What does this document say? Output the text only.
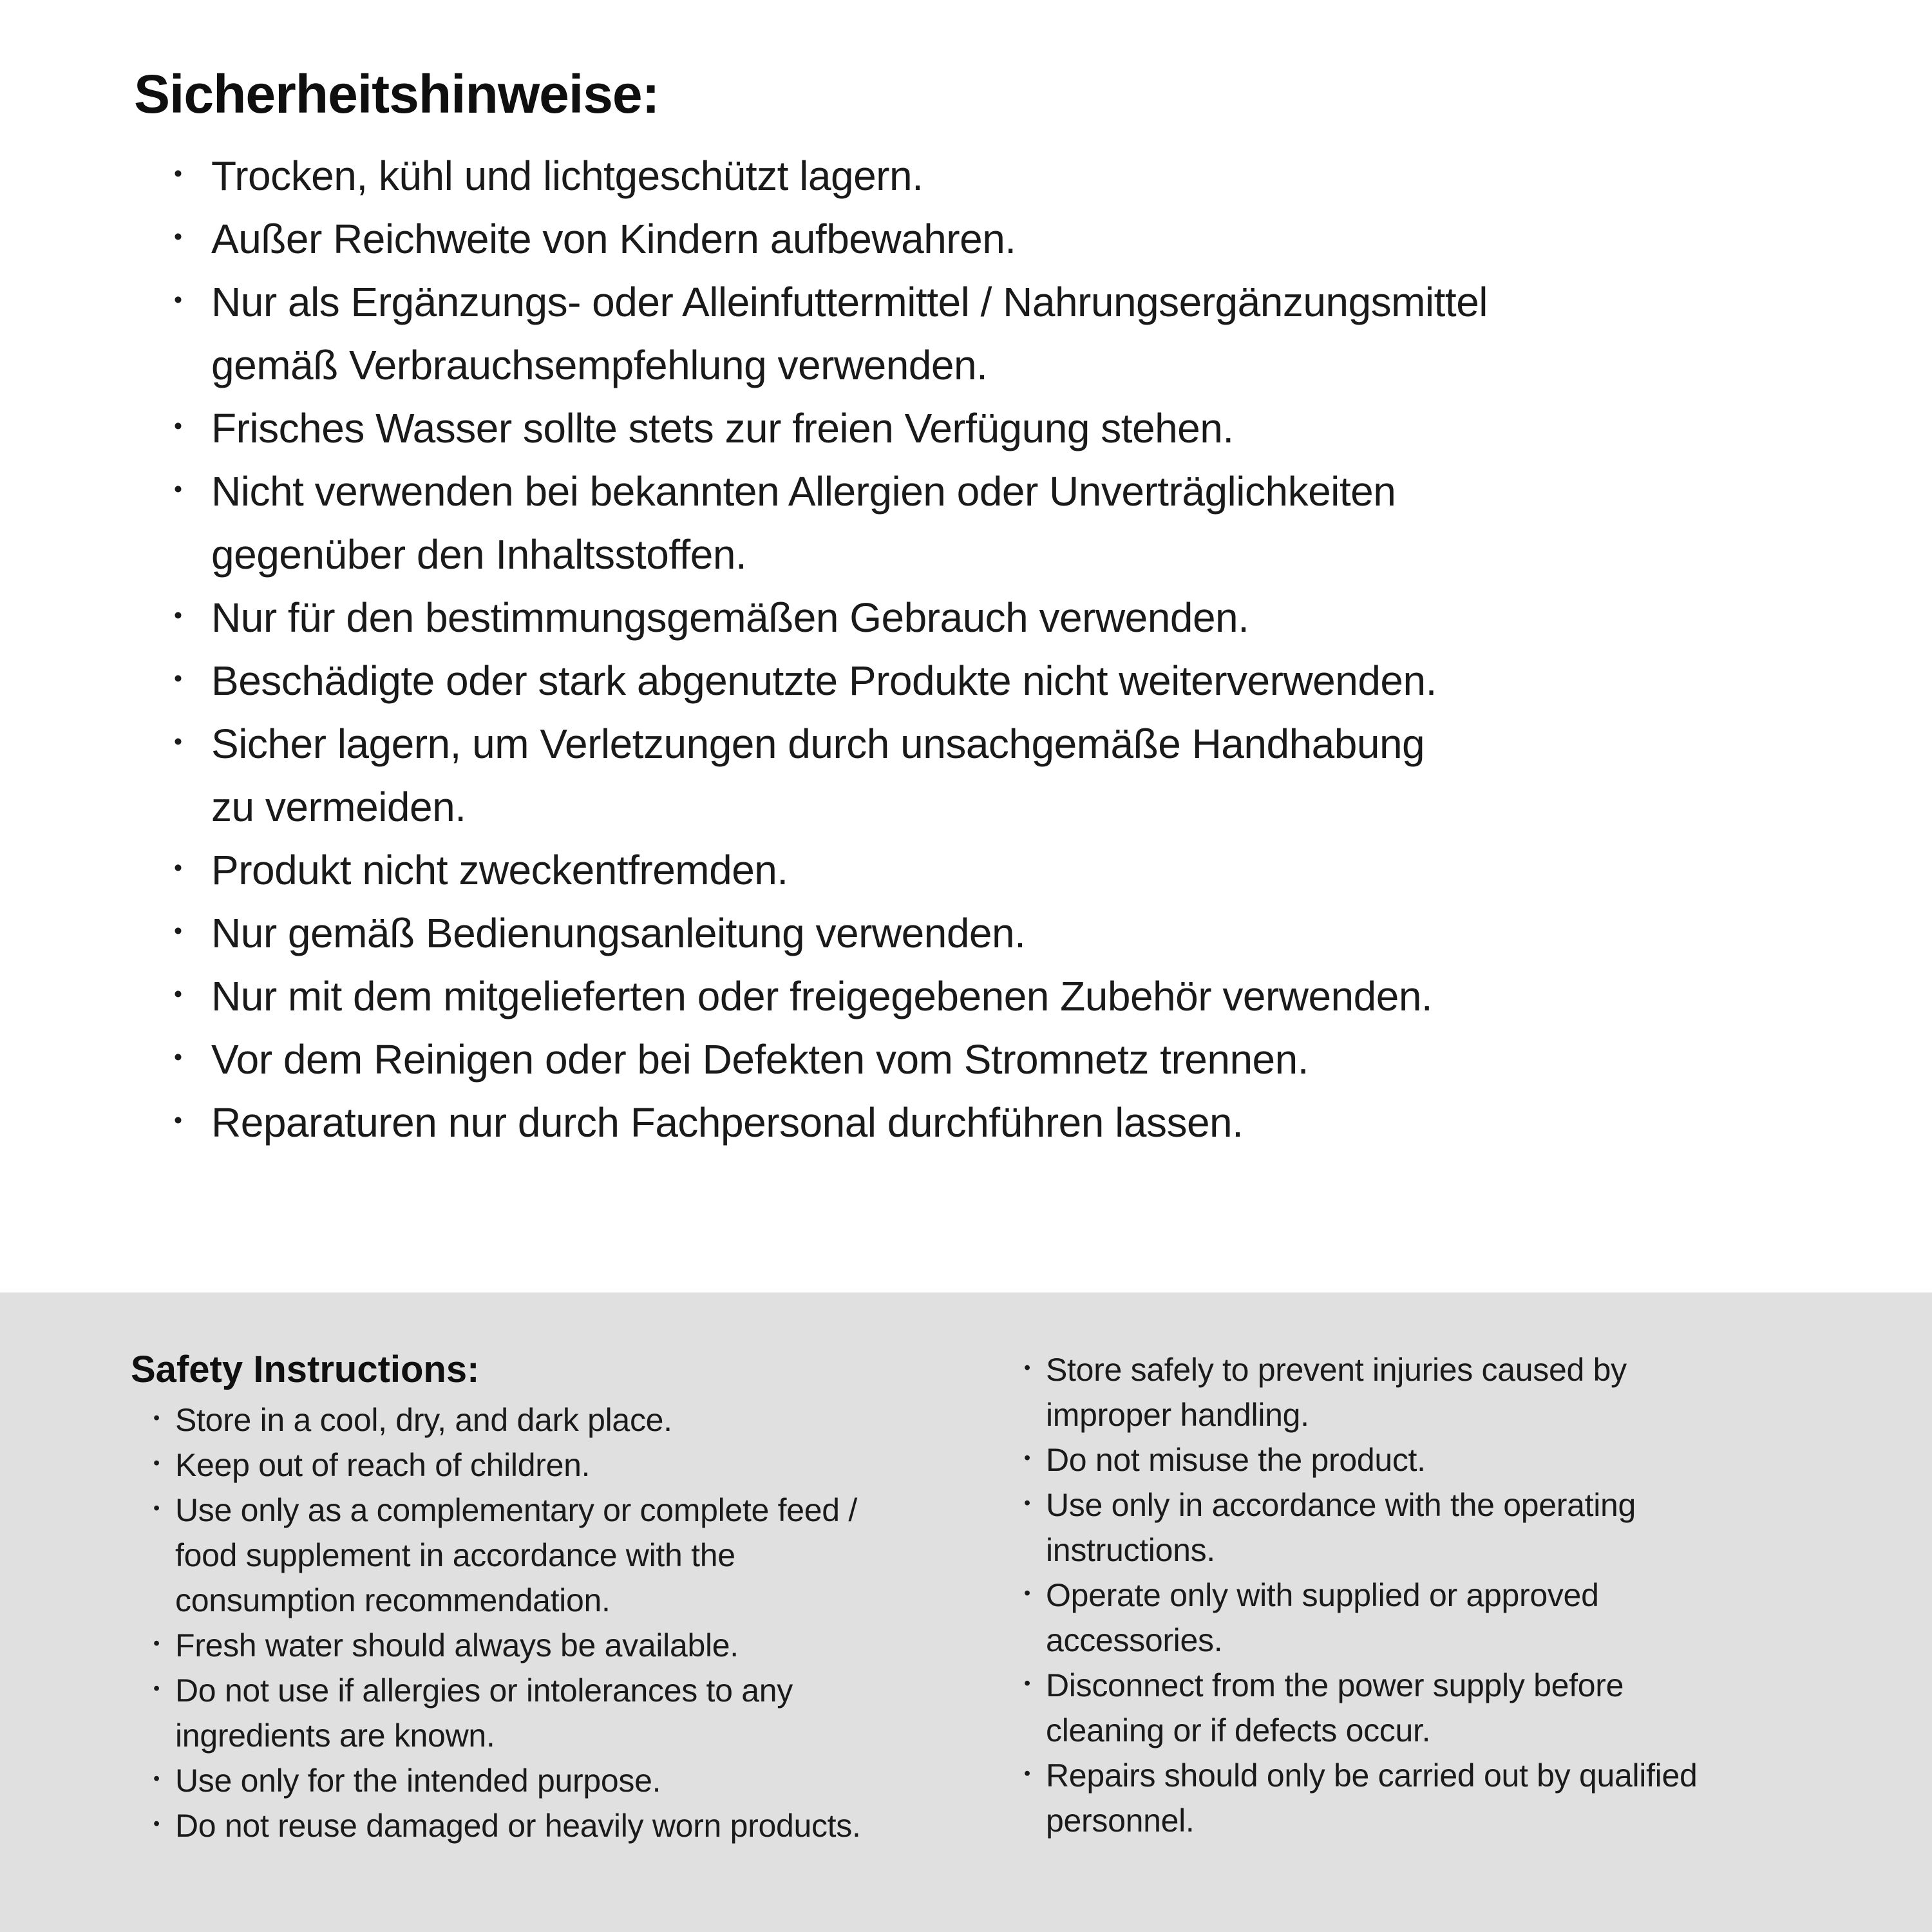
Sicherheitshinweise:
• Trocken, kühl und lichtgeschützt lagern.
• Außer Reichweite von Kindern aufbewahren.
• Nur als Ergänzungs- oder Alleinfuttermittel / Nahrungsergänzungsmittel
gemäß Verbrauchsempfehlung verwenden.
• Frisches Wasser sollte stets zur freien Verfügung stehen.
• Nicht verwenden bei bekannten Allergien oder Unverträglichkeiten
gegenüber den Inhaltsstoffen.
• Nur für den bestimmungsgemäßen Gebrauch verwenden.
• Beschädigte oder stark abgenutzte Produkte nicht weiterverwenden.
• Sicher lagern, um Verletzungen durch unsachgemäße Handhabung
zu vermeiden.
• Produkt nicht zweckentfremden.
• Nur gemäß Bedienungsanleitung verwenden.
• Nur mit dem mitgelieferten oder freigegebenen Zubehör verwenden.
• Vor dem Reinigen oder bei Defekten vom Stromnetz trennen.
• Reparaturen nur durch Fachpersonal durchführen lassen.
Safety Instructions:
• Store in a cool, dry, and dark place.
• Keep out of reach of children.
• Use only as a complementary or complete feed /
food supplement in accordance with the
consumption recommendation.
• Fresh water should always be available.
• Do not use if allergies or intolerances to any
ingredients are known.
• Use only for the intended purpose.
• Do not reuse damaged or heavily worn products.
• Store safely to prevent injuries caused by
improper handling.
• Do not misuse the product.
• Use only in accordance with the operating
instructions.
• Operate only with supplied or approved
accessories.
• Disconnect from the power supply before
cleaning or if defects occur.
• Repairs should only be carried out by qualified
personnel.
